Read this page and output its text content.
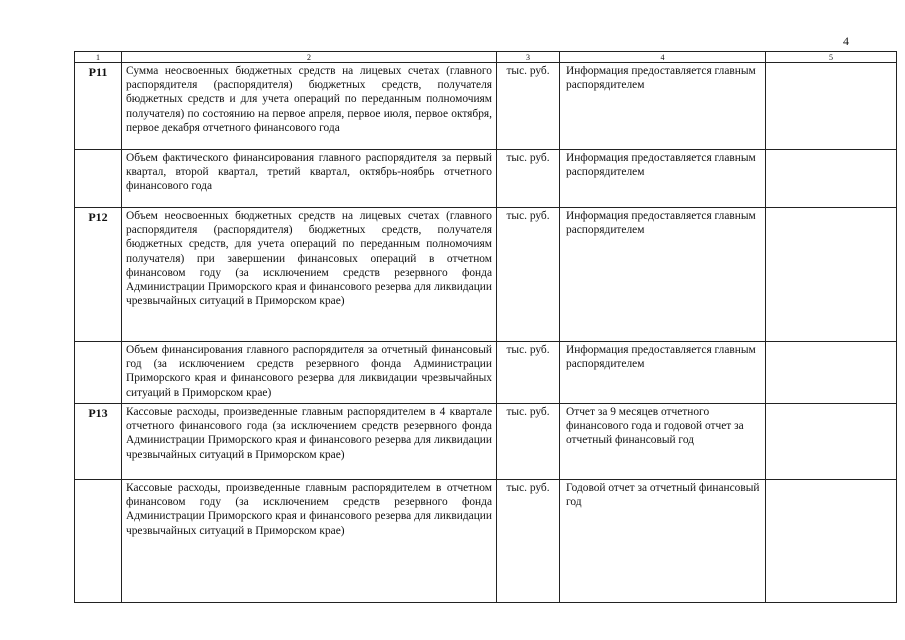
4
1	2	3	4	5
Р11	Сумма неосвоенных бюджетных средств на лицевых счетах (главного распорядителя (распорядителя) бюджетных средств, получателя бюджетных средств и для учета операций по переданным полномочиям получателя) по состоянию на первое апреля, первое июля, первое октября, первое декабря отчетного финансового года	тыс. руб.	Информация предоставляется главным распорядителем	
	Объем фактического финансирования главного распорядителя за первый квартал, второй квартал, третий квартал, октябрь-ноябрь отчетного финансового года	тыс. руб.	Информация предоставляется главным распорядителем	
Р12	Объем неосвоенных бюджетных средств на лицевых счетах (главного распорядителя (распорядителя) бюджетных средств, получателя бюджетных средств, для учета операций по переданным полномочиям получателя) при завершении финансовых операций в отчетном финансовом году (за исключением средств резервного фонда Администрации Приморского края и финансового резерва для ликвидации чрезвычайных ситуаций в Приморском крае)	тыс. руб.	Информация предоставляется главным распорядителем	
	Объем финансирования главного распорядителя за отчетный финансовый год (за исключением средств резервного фонда Администрации Приморского края и финансового резерва для ликвидации чрезвычайных ситуаций в Приморском крае)	тыс. руб.	Информация предоставляется главным распорядителем	
Р13	Кассовые расходы, произведенные главным распорядителем в 4 квартале отчетного финансового года (за исключением средств резервного фонда Администрации Приморского края и финансового резерва для ликвидации чрезвычайных ситуаций в Приморском крае)	тыс. руб.	Отчет за 9 месяцев отчетного финансового года и годовой отчет за отчетный финансовый год	
	Кассовые расходы, произведенные главным распорядителем в отчетном финансовом году (за исключением средств резервного фонда Администрации Приморского края и финансового резерва для ликвидации чрезвычайных ситуаций в Приморском крае)	тыс. руб.	Годовой отчет за отчетный финансовый год	
